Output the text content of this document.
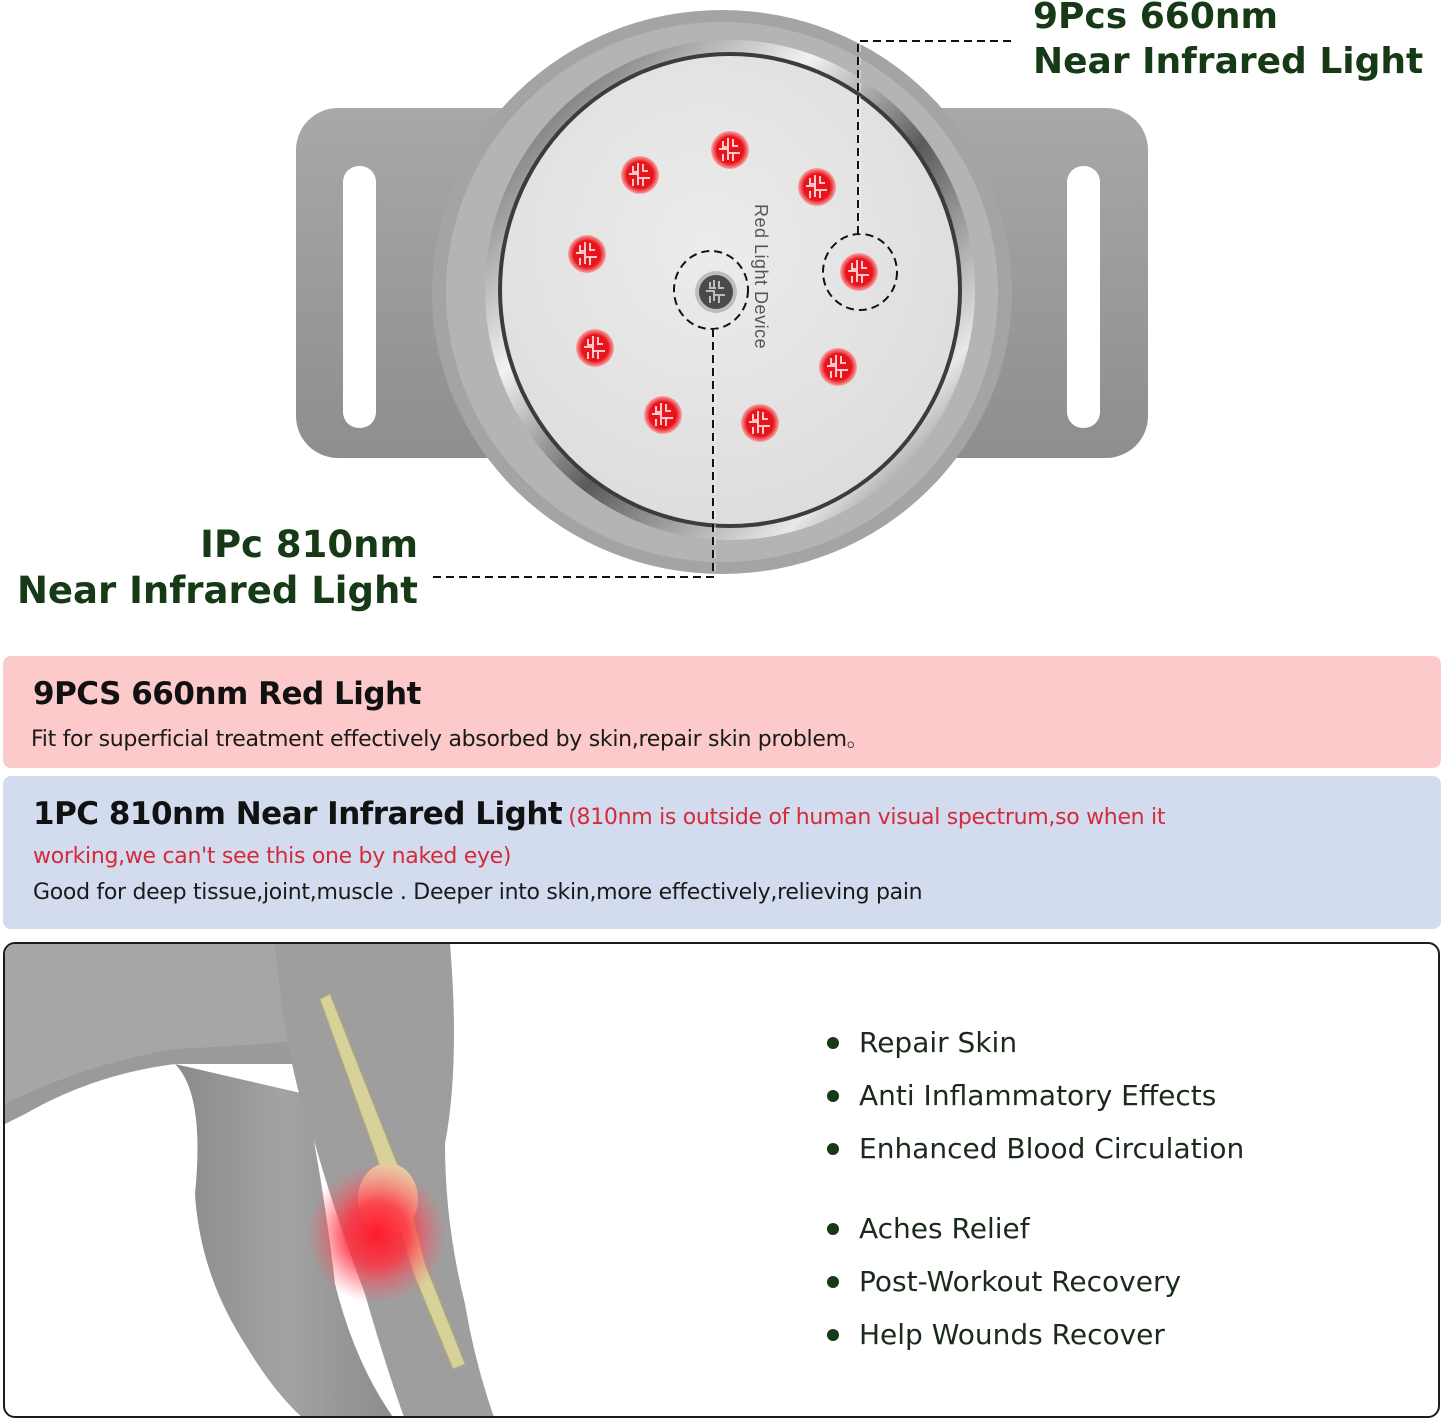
Red Light Device
9Pcs 660nm
Near Infrared Light
IPc 810nm
Near Infrared Light
9PCS 660nm Red Light
Fit for superficial treatment effectively absorbed by skin,repair skin problem。
1PC 810nm Near Infrared Light (810nm is outside of human visual spectrum,so when it
working,we can't see this one by naked eye)
Good for deep tissue,joint,muscle . Deeper into skin,more effectively,relieving pain
Repair Skin
Anti Inflammatory Effects
Enhanced Blood Circulation
Aches Relief
Post-Workout Recovery
Help Wounds Recover
